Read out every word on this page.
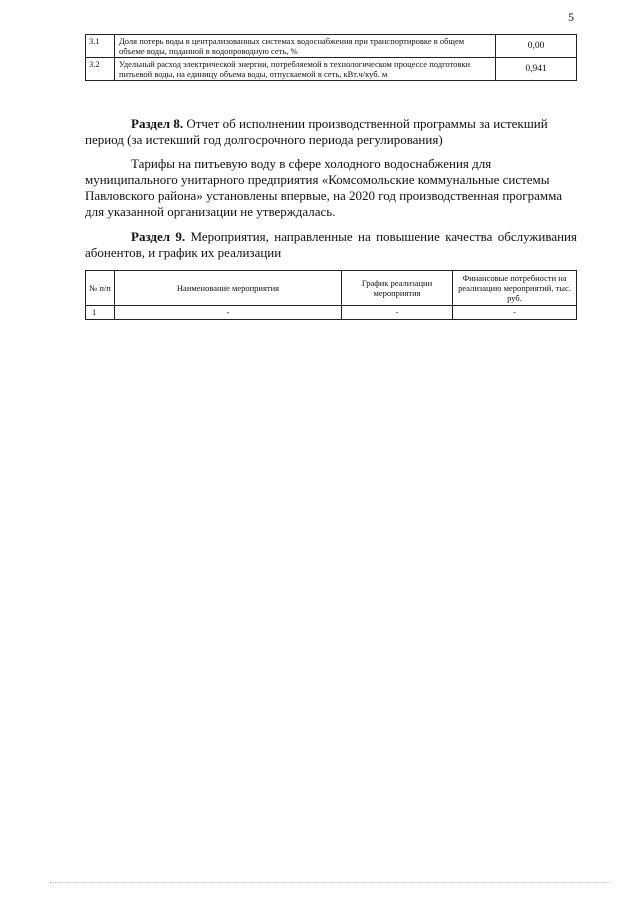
5
3.1	Доля потерь воды в централизованных системах водоснабжения при транспортировке в общем объеме воды, поданной в водопроводную сеть, %	0,00
3.2	Удельный расход электрической энергии, потребляемой в технологическом процессе подготовки питьевой воды, на единицу объема воды, отпускаемой в сеть, кВт.ч/куб. м	0,941
Раздел 8. Отчет об исполнении производственной программы за истекший период (за истекший год долгосрочного периода регулирования)
Тарифы на питьевую воду в сфере холодного водоснабжения для муниципального унитарного предприятия «Комсомольские коммунальные системы Павловского района» установлены впервые, на 2020 год производственная программа для указанной организации не утверждалась.
Раздел 9. Мероприятия, направленные на повышение качества обслуживания абонентов, и график их реализации
№ п/п	Наименование мероприятия	График реализации мероприятия	Финансовые потребности на реализацию мероприятий, тыс. руб.
1	-	-	-
